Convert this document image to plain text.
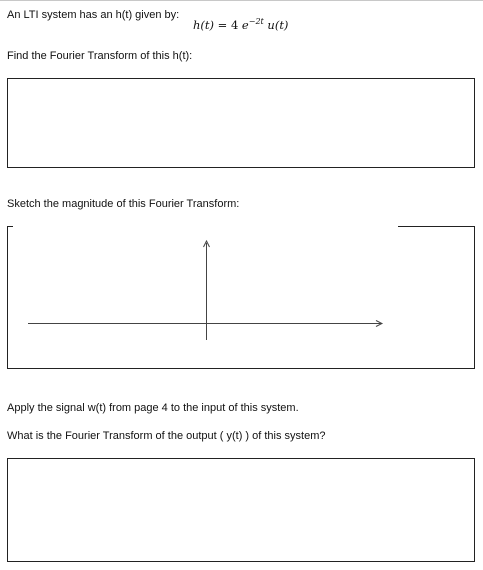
An LTI system has an h(t) given by:
h(t) = 4 $e^{-2t}$ u(t)
Find the Fourier Transform of this h(t):
Sketch the magnitude of this Fourier Transform:
Apply the signal w(t) from page 4 to the input of this system.
What is the Fourier Transform of the output ( y(t) ) of this system?
